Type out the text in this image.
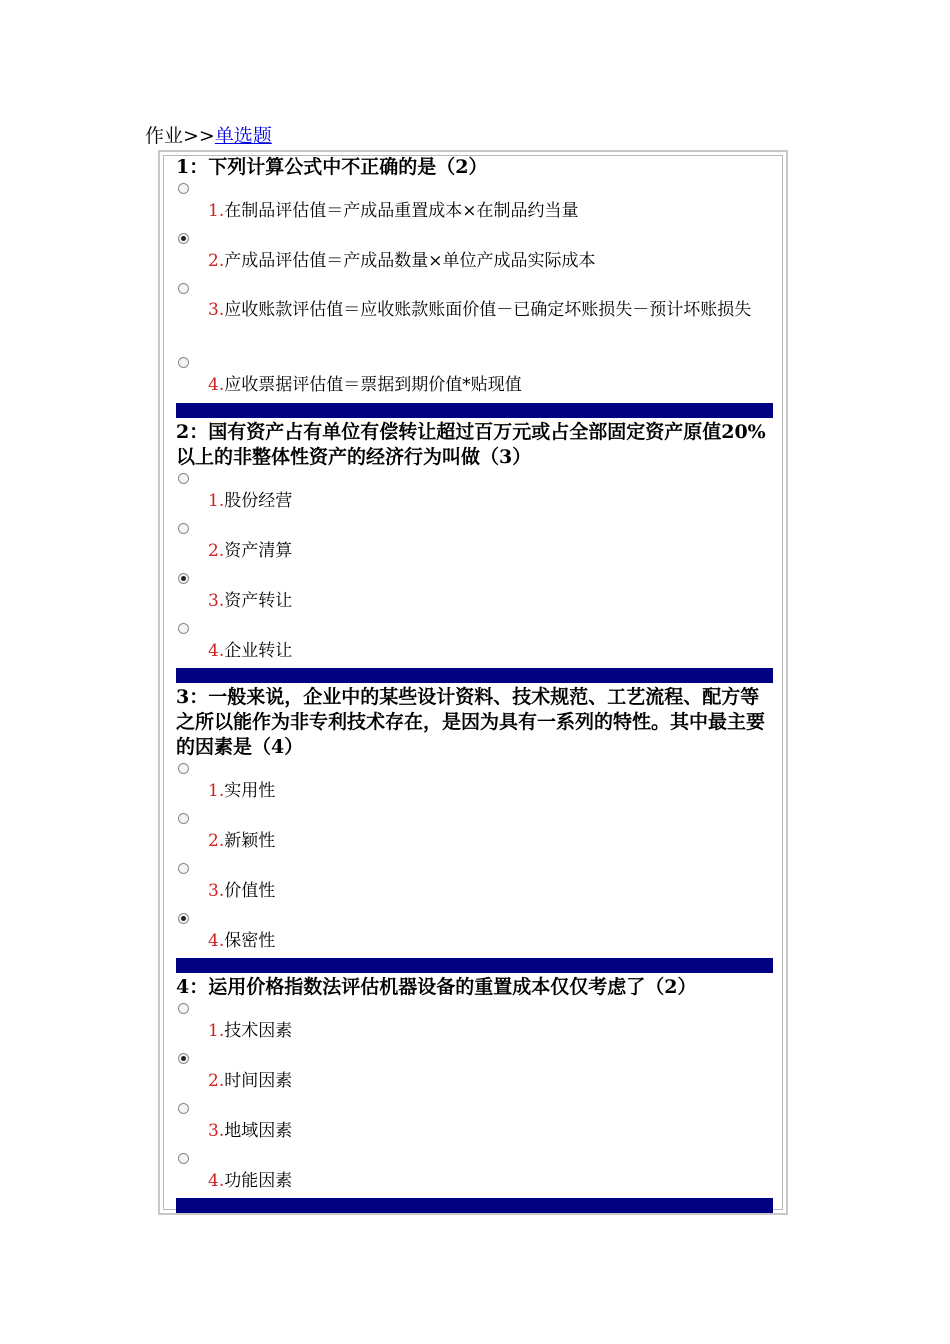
作业>>单选题

1：下列计算公式中不正确的是（2）

1.在制品评估值＝产成品重置成本×在制品约当量
2.产成品评估值＝产成品数量×单位产成品实际成本
3.应收账款评估值＝应收账款账面价值－已确定坏账损失－预计坏账损失
4.应收票据评估值＝票据到期价值*贴现值

2：国有资产占有单位有偿转让超过百万元或占全部固定资产原值20%以上的非整体性资产的经济行为叫做（3）

1.股份经营
2.资产清算
3.资产转让
4.企业转让

3：一般来说，企业中的某些设计资料、技术规范、工艺流程、配方等之所以能作为非专利技术存在，是因为具有一系列的特性。其中最主要的因素是（4）

1.实用性
2.新颖性
3.价值性
4.保密性

4：运用价格指数法评估机器设备的重置成本仅仅考虑了（2）

1.技术因素
2.时间因素
3.地域因素
4.功能因素
